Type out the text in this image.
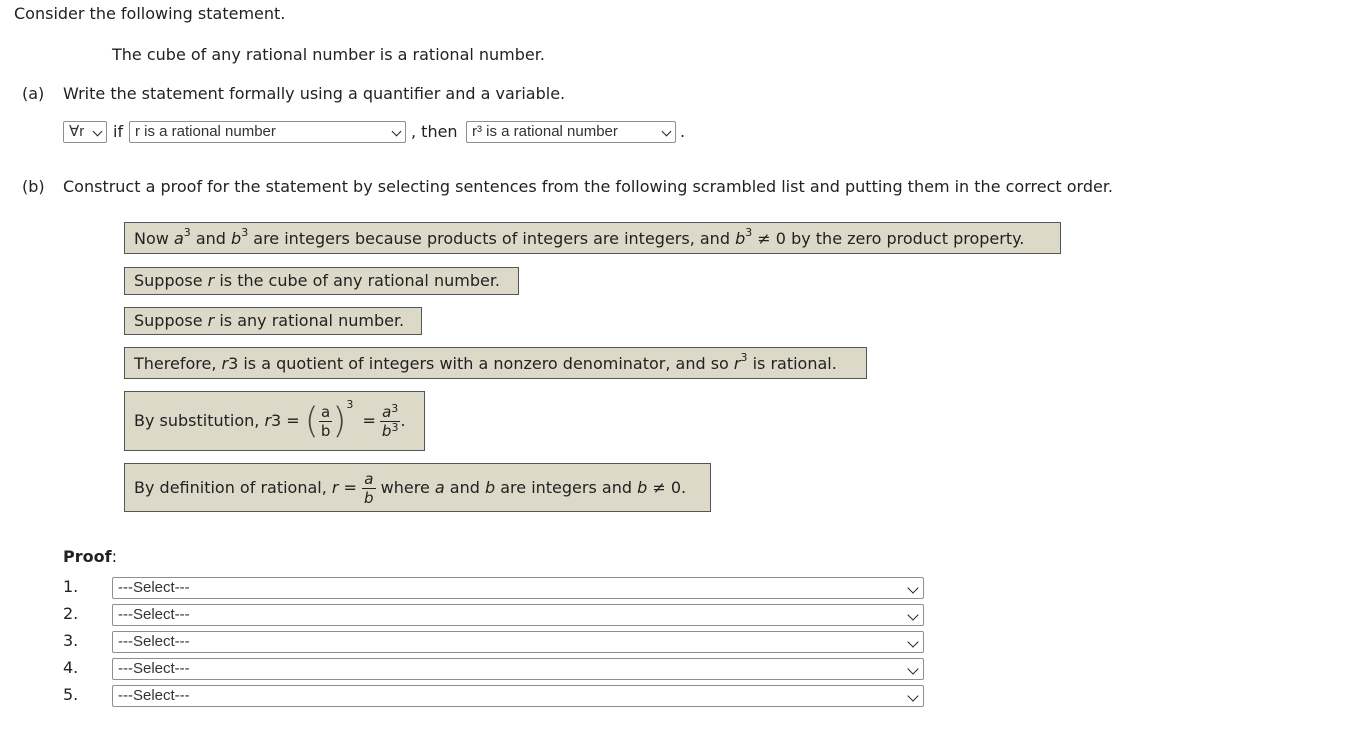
Consider the following statement.
The cube of any rational number is a rational number.
(a) Write the statement formally using a quantifier and a variable.
∀r	if r is a rational number	, then r³ is a rational number	.
(b) Construct a proof for the statement by selecting sentences from the following scrambled list and putting them in the correct order.
Now $a^3$ and $b^3$ are integers because products of integers are integers, and $b^3 \ne 0$ by the zero product property.
Suppose r is the cube of any rational number.
Suppose r is any rational number.
Therefore, r3 is a quotient of integers with a nonzero denominator, and so $r^3$ is rational.
By substitution, r3 = ( $\frac{a}{b} )^3 = \frac{a^3}{b^3}$ .
By definition of rational, $r = \frac{a}{b}$ where a and b are integers and b ≠ 0.
Proof:
1.	---Select---
2.	---Select---
3.	---Select---
4.	---Select---
5.	---Select---
